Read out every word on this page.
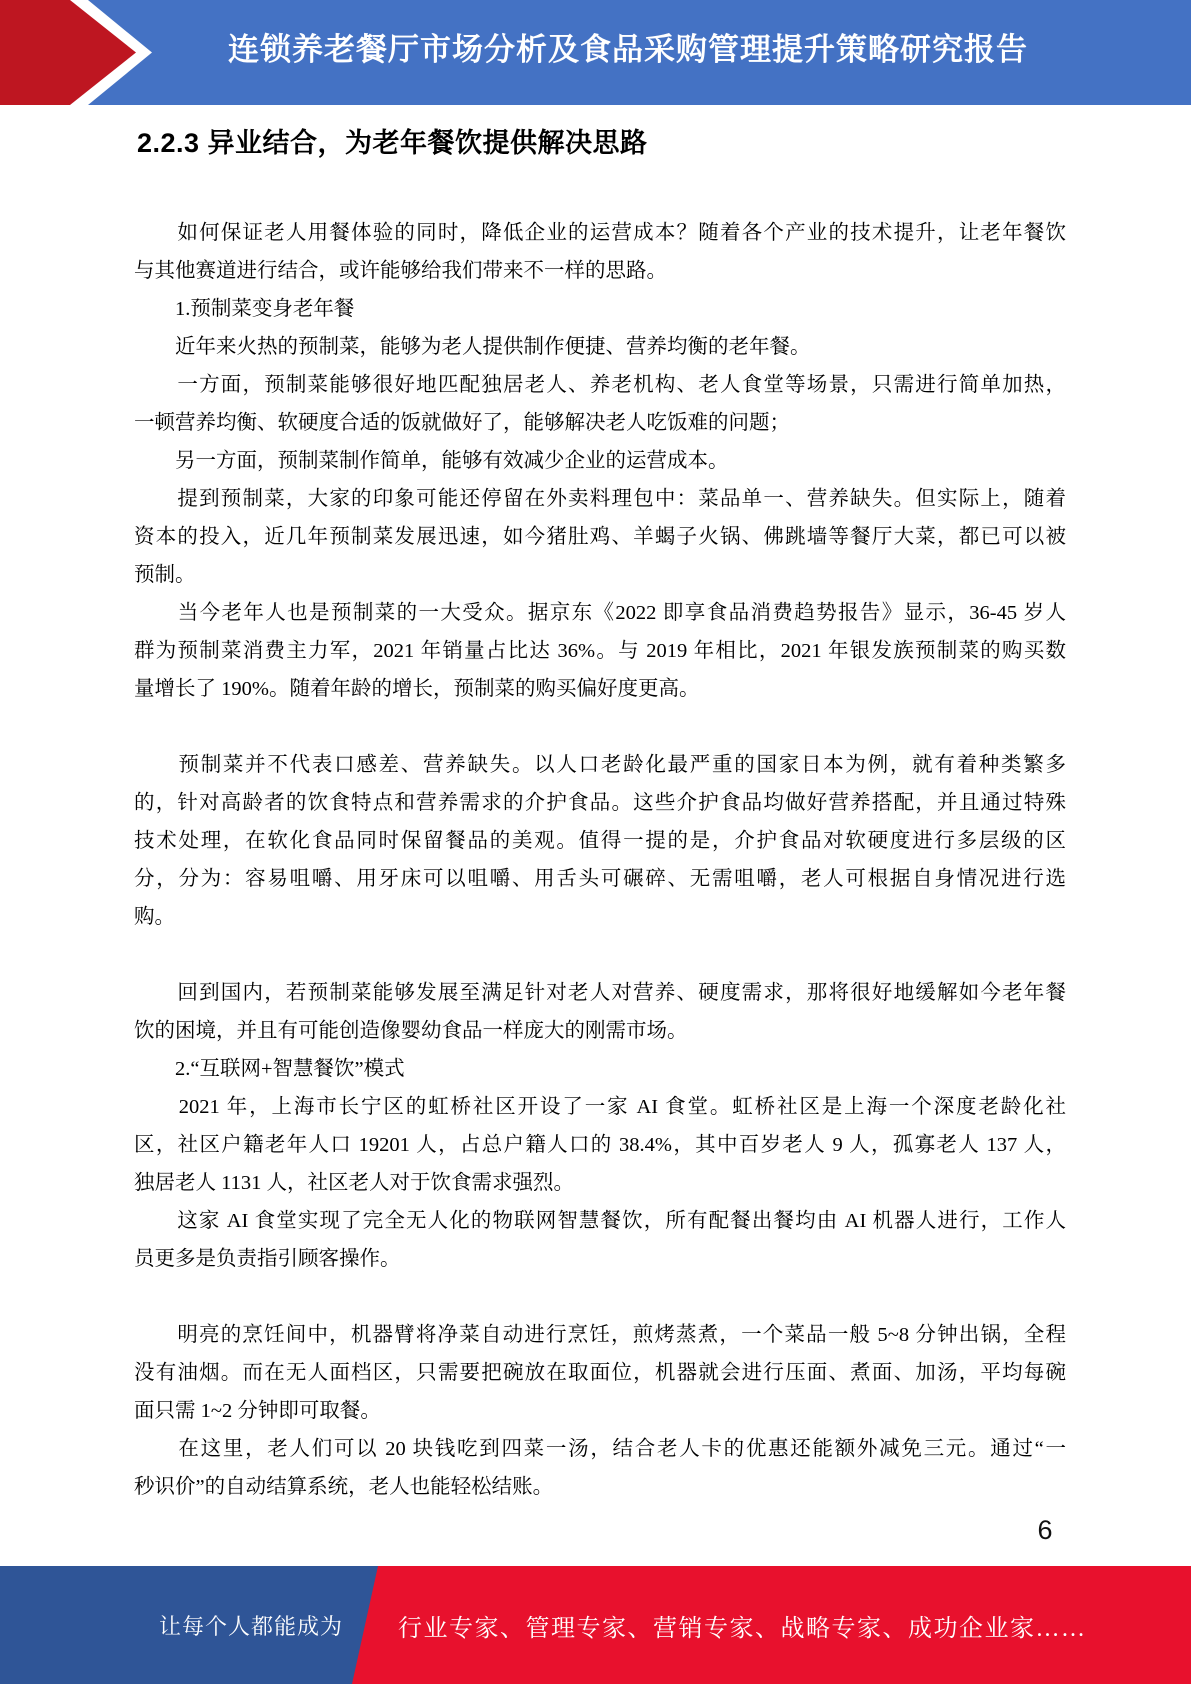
连锁养老餐厅市场分析及食品采购管理提升策略研究报告
2.2.3 异业结合，为老年餐饮提供解决思路
　　如何保证老人用餐体验的同时，降低企业的运营成本？随着各个产业的技术提升，让老年餐饮
与其他赛道进行结合，或许能够给我们带来不一样的思路。
　　1.预制菜变身老年餐
　　近年来火热的预制菜，能够为老人提供制作便捷、营养均衡的老年餐。
　　一方面，预制菜能够很好地匹配独居老人、养老机构、老人食堂等场景，只需进行简单加热，
一顿营养均衡、软硬度合适的饭就做好了，能够解决老人吃饭难的问题；
　　另一方面，预制菜制作简单，能够有效减少企业的运营成本。
　　提到预制菜，大家的印象可能还停留在外卖料理包中：菜品单一、营养缺失。但实际上，随着
资本的投入，近几年预制菜发展迅速，如今猪肚鸡、羊蝎子火锅、佛跳墙等餐厅大菜，都已可以被
预制。
　　当今老年人也是预制菜的一大受众。据京东《2022 即享食品消费趋势报告》显示，36-45 岁人
群为预制菜消费主力军，2021 年销量占比达 36%。与 2019 年相比，2021 年银发族预制菜的购买数
量增长了 190%。随着年龄的增长，预制菜的购买偏好度更高。
　　预制菜并不代表口感差、营养缺失。以人口老龄化最严重的国家日本为例，就有着种类繁多
的，针对高龄者的饮食特点和营养需求的介护食品。这些介护食品均做好营养搭配，并且通过特殊
技术处理，在软化食品同时保留餐品的美观。值得一提的是，介护食品对软硬度进行多层级的区
分，分为：容易咀嚼、用牙床可以咀嚼、用舌头可碾碎、无需咀嚼，老人可根据自身情况进行选
购。
　　回到国内，若预制菜能够发展至满足针对老人对营养、硬度需求，那将很好地缓解如今老年餐
饮的困境，并且有可能创造像婴幼食品一样庞大的刚需市场。
　　2.“互联网+智慧餐饮”模式
　　2021 年，上海市长宁区的虹桥社区开设了一家 AI 食堂。虹桥社区是上海一个深度老龄化社
区，社区户籍老年人口 19201 人，占总户籍人口的 38.4%，其中百岁老人 9 人，孤寡老人 137 人，
独居老人 1131 人，社区老人对于饮食需求强烈。
　　这家 AI 食堂实现了完全无人化的物联网智慧餐饮，所有配餐出餐均由 AI 机器人进行，工作人
员更多是负责指引顾客操作。
　　明亮的烹饪间中，机器臂将净菜自动进行烹饪，煎烤蒸煮，一个菜品一般 5~8 分钟出锅，全程
没有油烟。而在无人面档区，只需要把碗放在取面位，机器就会进行压面、煮面、加汤，平均每碗
面只需 1~2 分钟即可取餐。
　　在这里，老人们可以 20 块钱吃到四菜一汤，结合老人卡的优惠还能额外减免三元。通过“一
秒识价”的自动结算系统，老人也能轻松结账。
6
让每个人都能成为 行业专家、管理专家、营销专家、战略专家、成功企业家……
